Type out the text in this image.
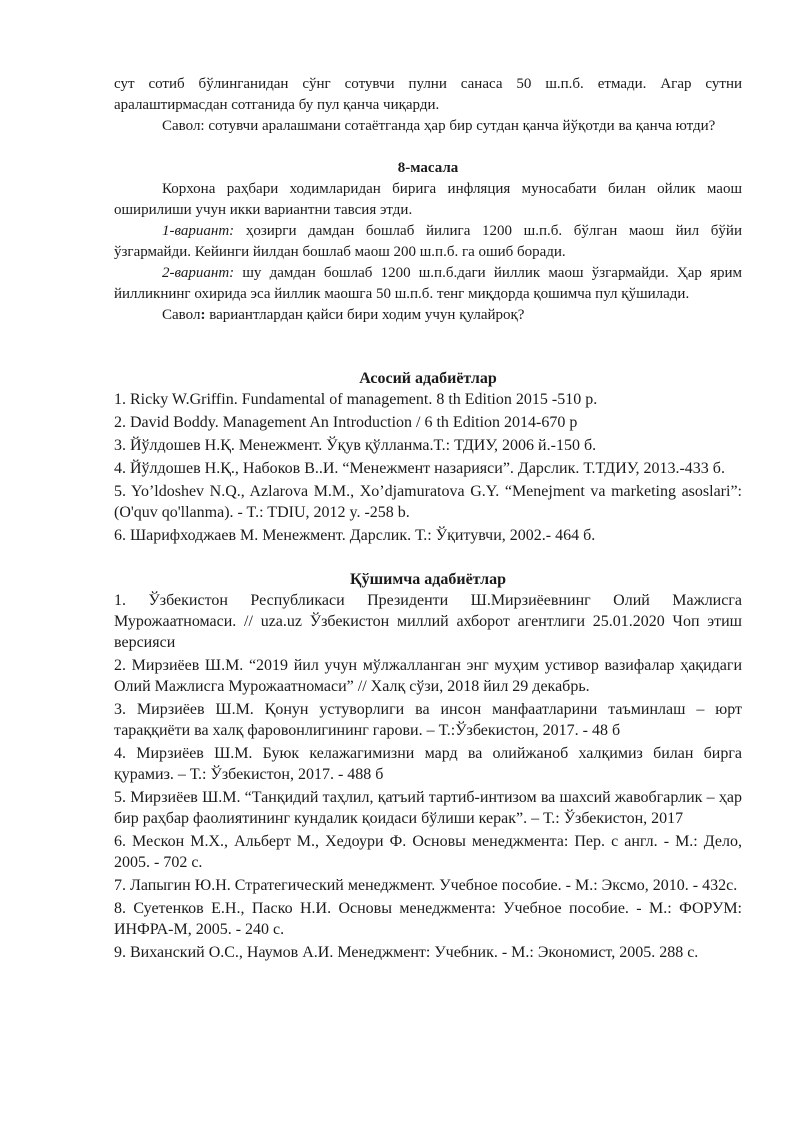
сут сотиб бўлинганидан сўнг сотувчи пулни санаса 50 ш.п.б. етмади. Агар сутни аралаштирмасдан сотганида бу пул қанча чиқарди.

Савол: сотувчи аралашмани сотаётганда ҳар бир сутдан қанча йўқотди ва қанча ютди?

8-масала

Корхона раҳбари ходимларидан бирига инфляция муносабати билан ойлик маош оширилиши учун икки вариантни тавсия этди.

1-вариант: ҳозирги дамдан бошлаб йилига 1200 ш.п.б. бўлган маош йил бўйи ўзгармайди. Кейинги йилдан бошлаб маош 200 ш.п.б. га ошиб боради.

2-вариант: шу дамдан бошлаб 1200 ш.п.б.даги йиллик маош ўзгармайди. Ҳар ярим йилликнинг охирида эса йиллик маошга 50 ш.п.б. тенг миқдорда қошимча пул қўшилади.

Савол: вариантлардан қайси бири ходим учун қулайроқ?

Асосий адабиётлар

1. Ricky W.Griffin. Fundamental of management. 8 th Edition 2015 -510 p.

2. David Boddy. Management An Introduction / 6 th Edition 2014-670 p

3. Йўлдошев Н.Қ. Менежмент. Ўқув қўлланма.Т.: ТДИУ, 2006 й.-150 б.

4. Йўлдошев Н.Қ., Набоков В..И. “Менежмент назарияси”. Дарслик. Т.ТДИУ, 2013.-433 б.

5. Yo’ldoshev N.Q., Azlarova M.M., Xo’djamuratova G.Y. “Menejment va marketing asoslari”: (O'quv qo'llanma). - T.: TDIU, 2012 y. -258 b.

6. Шарифходжаев М. Менежмент. Дарслик. Т.: Ўқитувчи, 2002.- 464 б.

Қўшимча адабиётлар

1. Ўзбекистон Республикаси Президенти Ш.Мирзиёевнинг Олий Мажлисга Мурожаатномаси. // uza.uz Ўзбекистон миллий ахборот агентлиги 25.01.2020 Чоп этиш версияси

2. Мирзиёев Ш.М. “2019 йил учун мўлжалланган энг муҳим устивор вазифалар ҳақидаги Олий Мажлисга Мурожаатномаси” // Халқ сўзи, 2018 йил 29 декабрь.

3. Мирзиёев Ш.М. Қонун устуворлиги ва инсон манфаатларини таъминлаш – юрт тараққиёти ва халқ фаровонлигининг гарови. – Т.:Ўзбекистон, 2017. - 48 б

4. Мирзиёев Ш.М. Буюк келажагимизни мард ва олийжаноб халқимиз билан бирга қурамиз. – Т.: Ўзбекистон, 2017. - 488 б

5. Мирзиёев Ш.М. “Танқидий таҳлил, қатъий тартиб-интизом ва шахсий жавобгарлик – ҳар бир раҳбар фаолиятининг кундалик қоидаси бўлиши керак”. – Т.: Ўзбекистон, 2017

6. Мескон М.Х., Альберт М., Хедоури Ф. Основы менеджмента: Пер. с англ. - М.: Дело, 2005. - 702 с.

7. Лапыгин Ю.Н. Стратегический менеджмент. Учебное пособие. - М.: Эксмо, 2010. - 432с.

8. Суетенков Е.Н., Паско Н.И. Основы менеджмента: Учебное пособие. - М.: ФОРУМ: ИНФРА-М, 2005. - 240 с.

9. Виханский О.С., Наумов А.И. Менеджмент: Учебник. - М.: Экономист, 2005. 288 с.
